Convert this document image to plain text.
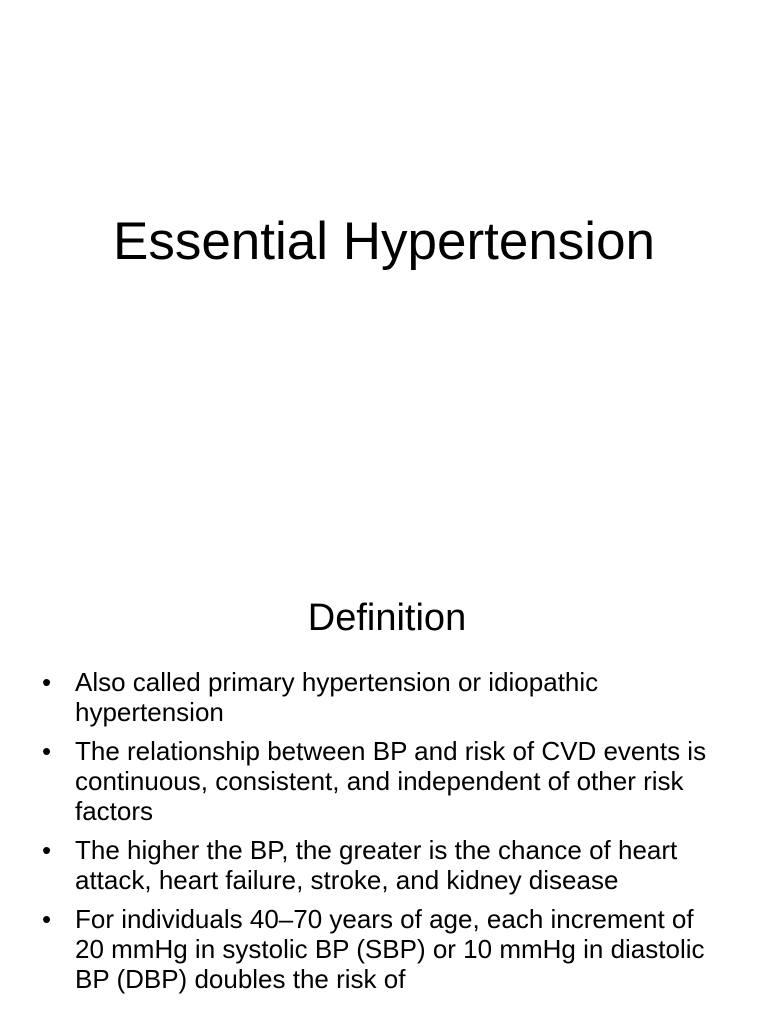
Essential Hypertension
Definition
• Also called primary hypertension or idiopathic hypertension
• The relationship between BP and risk of CVD events is continuous, consistent, and independent of other risk factors
• The higher the BP, the greater is the chance of heart attack, heart failure, stroke, and kidney disease
• For individuals 40–70 years of age, each increment of 20 mmHg in systolic BP (SBP) or 10 mmHg in diastolic BP (DBP) doubles the risk of
